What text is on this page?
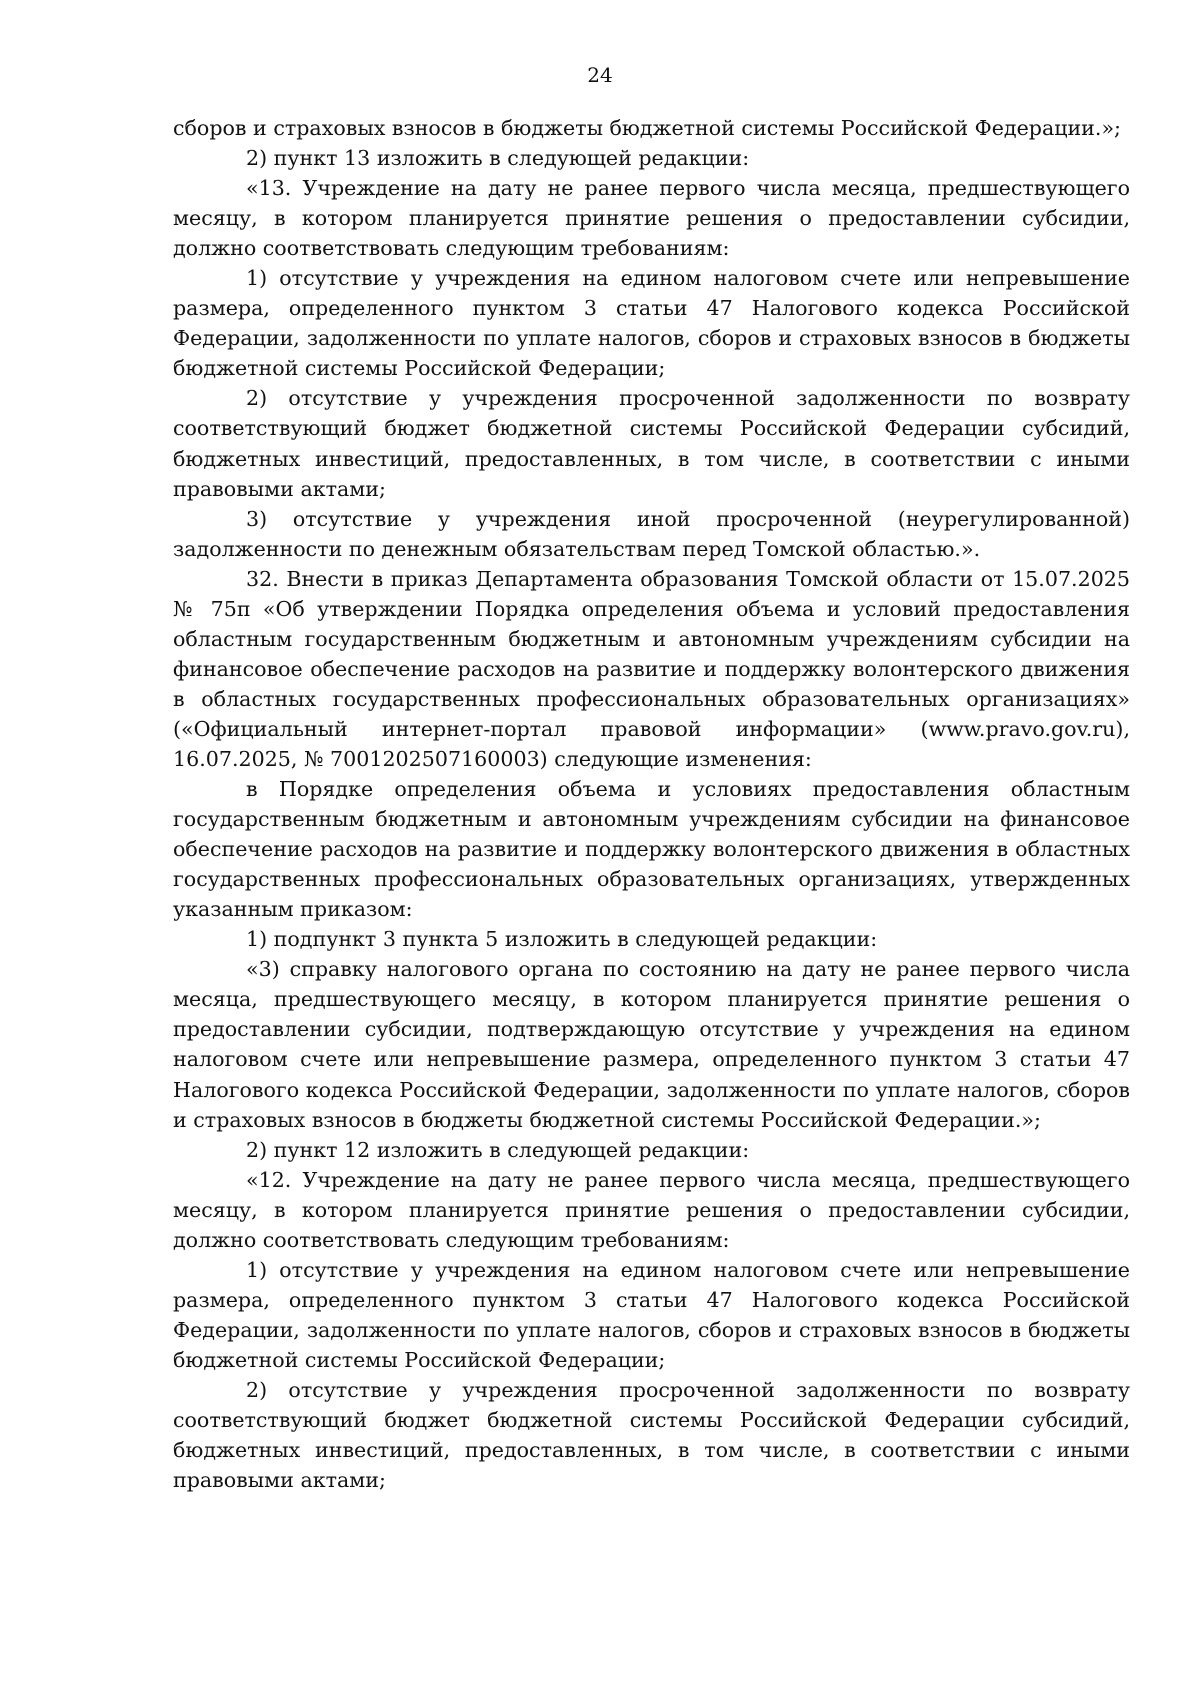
24

сборов и страховых взносов в бюджеты бюджетной системы Российской Федерации.»;

2) пункт 13 изложить в следующей редакции:

«13. Учреждение на дату не ранее первого числа месяца, предшествующего месяцу, в котором планируется принятие решения о предоставлении субсидии, должно соответствовать следующим требованиям:

1) отсутствие у учреждения на едином налоговом счете или непревышение размера, определенного пунктом 3 статьи 47 Налогового кодекса Российской Федерации, задолженности по уплате налогов, сборов и страховых взносов в бюджеты бюджетной системы Российской Федерации;

2) отсутствие у учреждения просроченной задолженности по возврату соответствующий бюджет бюджетной системы Российской Федерации субсидий, бюджетных инвестиций, предоставленных, в том числе, в соответствии с иными правовыми актами;

3) отсутствие у учреждения иной просроченной (неурегулированной) задолженности по денежным обязательствам перед Томской областью.».

32. Внести в приказ Департамента образования Томской области от 15.07.2025 № 75п «Об утверждении Порядка определения объема и условий предоставления областным государственным бюджетным и автономным учреждениям субсидии на финансовое обеспечение расходов на развитие и поддержку волонтерского движения в областных государственных профессиональных образовательных организациях» («Официальный интернет-портал правовой информации» (www.pravo.gov.ru), 16.07.2025, № 7001202507160003) следующие изменения:

в Порядке определения объема и условиях предоставления областным государственным бюджетным и автономным учреждениям субсидии на финансовое обеспечение расходов на развитие и поддержку волонтерского движения в областных государственных профессиональных образовательных организациях, утвержденных указанным приказом:

1) подпункт 3 пункта 5 изложить в следующей редакции:

«3) справку налогового органа по состоянию на дату не ранее первого числа месяца, предшествующего месяцу, в котором планируется принятие решения о предоставлении субсидии, подтверждающую отсутствие у учреждения на едином налоговом счете или непревышение размера, определенного пунктом 3 статьи 47 Налогового кодекса Российской Федерации, задолженности по уплате налогов, сборов и страховых взносов в бюджеты бюджетной системы Российской Федерации.»;

2) пункт 12 изложить в следующей редакции:

«12. Учреждение на дату не ранее первого числа месяца, предшествующего месяцу, в котором планируется принятие решения о предоставлении субсидии, должно соответствовать следующим требованиям:

1) отсутствие у учреждения на едином налоговом счете или непревышение размера, определенного пунктом 3 статьи 47 Налогового кодекса Российской Федерации, задолженности по уплате налогов, сборов и страховых взносов в бюджеты бюджетной системы Российской Федерации;

2) отсутствие у учреждения просроченной задолженности по возврату соответствующий бюджет бюджетной системы Российской Федерации субсидий, бюджетных инвестиций, предоставленных, в том числе, в соответствии с иными правовыми актами;
